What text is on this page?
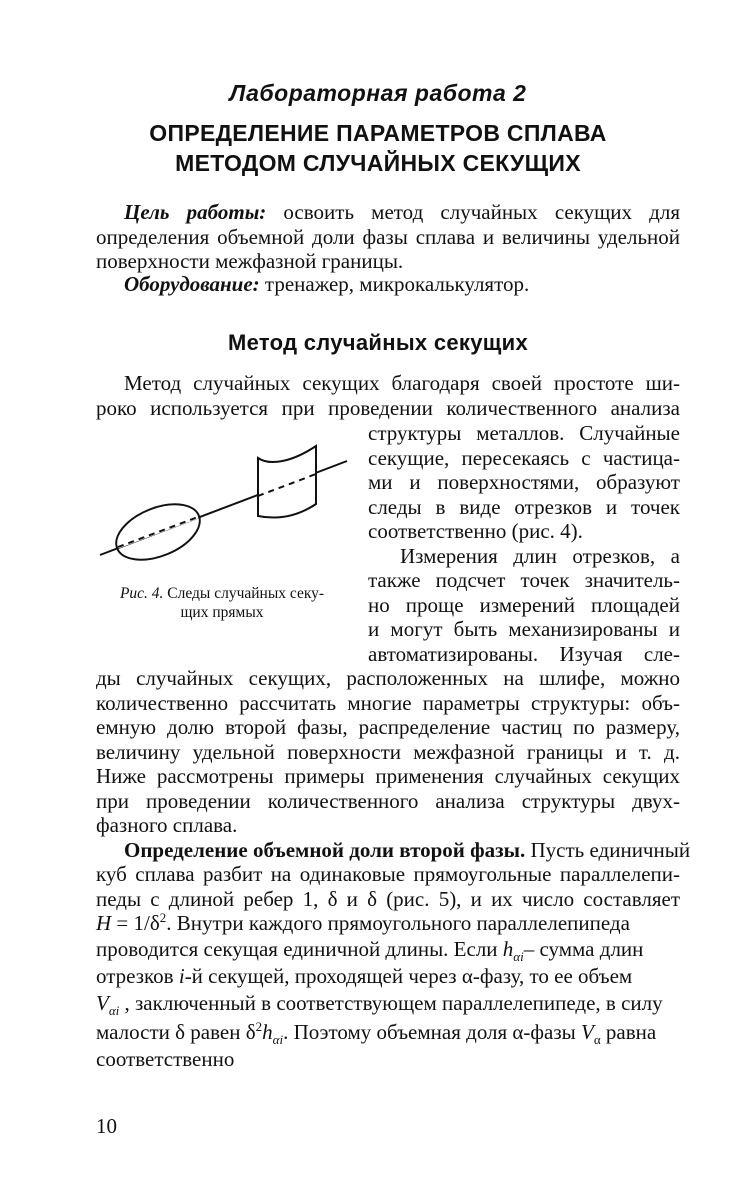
Лабораторная работа 2
ОПРЕДЕЛЕНИЕ ПАРАМЕТРОВ СПЛАВА
МЕТОДОМ СЛУЧАЙНЫХ СЕКУЩИХ
Цель работы: освоить метод случайных секущих для определения объемной доли фазы сплава и величины удельной поверхности межфазной границы.
Оборудование: тренажер, микрокалькулятор.
Метод случайных секущих
Метод случайных секущих благодаря своей простоте ши-
роко используется при проведении количественного анализа
структуры металлов. Случайные
секущие, пересекаясь с частица-
ми и поверхностями, образуют
следы в виде отрезков и точек
соответственно (рис. 4).
Измерения длин отрезков, а
также подсчет точек значитель-
но проще измерений площадей
и могут быть механизированы и
автоматизированы. Изучая сле-
ды случайных секущих, расположенных на шлифе, можно
количественно рассчитать многие параметры структуры: объ-
емную долю второй фазы, распределение частиц по размеру,
величину удельной поверхности межфазной границы и т. д.
Ниже рассмотрены примеры применения случайных секущих
при проведении количественного анализа структуры двух-
фазного сплава.
Рис. 4. Следы случайных секу-
щих прямых
Определение объемной доли второй фазы. Пусть единичный
куб сплава разбит на одинаковые прямоугольные параллелепи-
педы с длиной ребер 1, δ и δ (рис. 5), и их число составляет
$H = 1/\delta^2$. Внутри каждого прямоугольного параллелепипеда
проводится секущая единичной длины. Если $h_{\alpha i}-$ сумма длин
отрезков i-й секущей, проходящей через α-фазу, то ее объем
$V_{\alpha i}$ , заключенный в соответствующем параллелепипеде, в силу
малости δ равен $\delta^2h_{\alpha i}$. Поэтому объемная доля α-фазы $V_\alpha$ равна
соответственно
10
